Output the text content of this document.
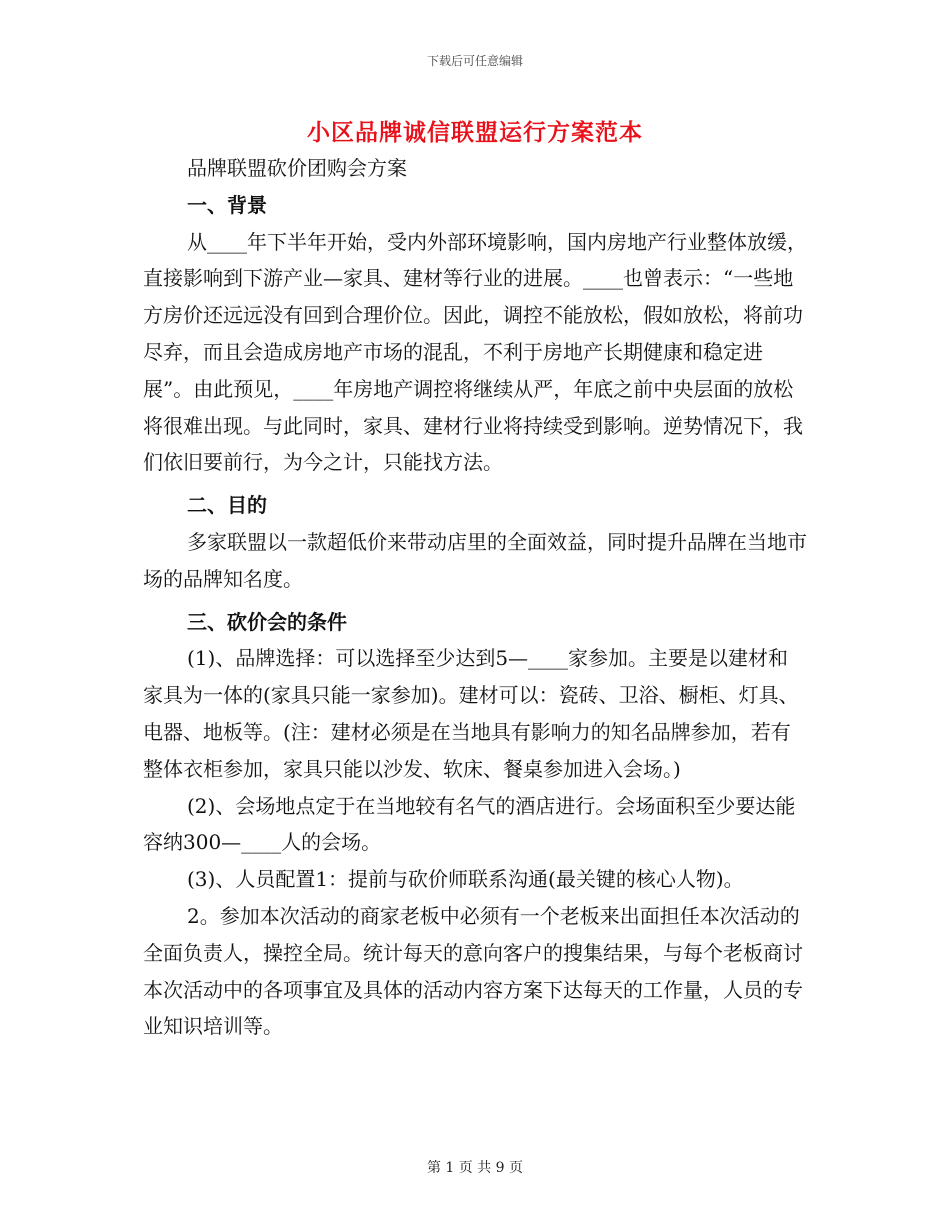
下载后可任意编辑
小区品牌诚信联盟运行方案范本

品牌联盟砍价团购会方案

一、背景

从____年下半年开始，受内外部环境影响，国内房地产行业整体放缓，直接影响到下游产业—家具、建材等行业的进展。____也曾表示：“一些地方房价还远远没有回到合理价位。因此，调控不能放松，假如放松，将前功尽弃，而且会造成房地产市场的混乱，不利于房地产长期健康和稳定进展”。由此预见，____年房地产调控将继续从严，年底之前中央层面的放松将很难出现。与此同时，家具、建材行业将持续受到影响。逆势情况下，我们依旧要前行，为今之计，只能找方法。

二、目的

多家联盟以一款超低价来带动店里的全面效益，同时提升品牌在当地市场的品牌知名度。

三、砍价会的条件

(1)、品牌选择：可以选择至少达到5—____家参加。主要是以建材和家具为一体的(家具只能一家参加)。建材可以：瓷砖、卫浴、橱柜、灯具、电器、地板等。(注：建材必须是在当地具有影响力的知名品牌参加，若有整体衣柜参加，家具只能以沙发、软床、餐桌参加进入会场。)

(2)、会场地点定于在当地较有名气的酒店进行。会场面积至少要达能容纳300—____人的会场。

(3)、人员配置1：提前与砍价师联系沟通(最关键的核心人物)。

2。参加本次活动的商家老板中必须有一个老板来出面担任本次活动的全面负责人，操控全局。统计每天的意向客户的搜集结果，与每个老板商讨本次活动中的各项事宜及具体的活动内容方案下达每天的工作量，人员的专业知识培训等。

第 1 页 共 9 页
